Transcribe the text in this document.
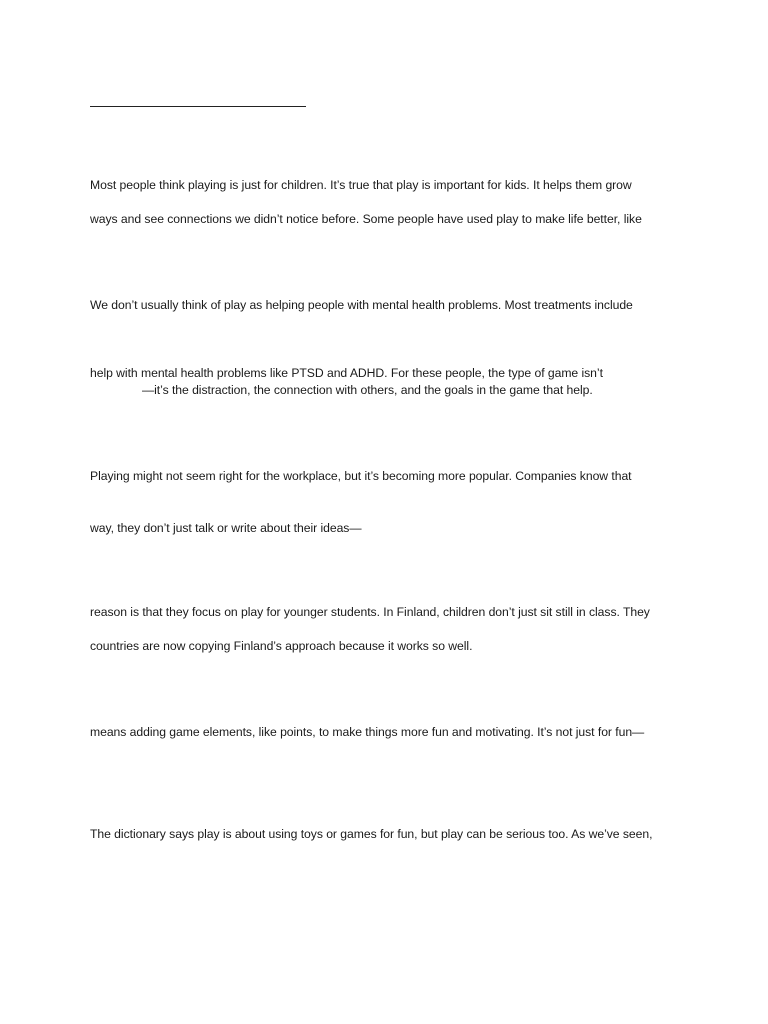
Most people think playing is just for children. It’s true that play is important for kids. It helps them grow
ways and see connections we didn’t notice before. Some people have used play to make life better, like
We don’t usually think of play as helping people with mental health problems. Most treatments include
help with mental health problems like PTSD and ADHD. For these people, the type of game isn’t
—it’s the distraction, the connection with others, and the goals in the game that help.
Playing might not seem right for the workplace, but it’s becoming more popular. Companies know that
way, they don’t just talk or write about their ideas—
reason is that they focus on play for younger students. In Finland, children don’t just sit still in class. They
countries are now copying Finland’s approach because it works so well.
means adding game elements, like points, to make things more fun and motivating. It’s not just for fun—
The dictionary says play is about using toys or games for fun, but play can be serious too. As we’ve seen,
